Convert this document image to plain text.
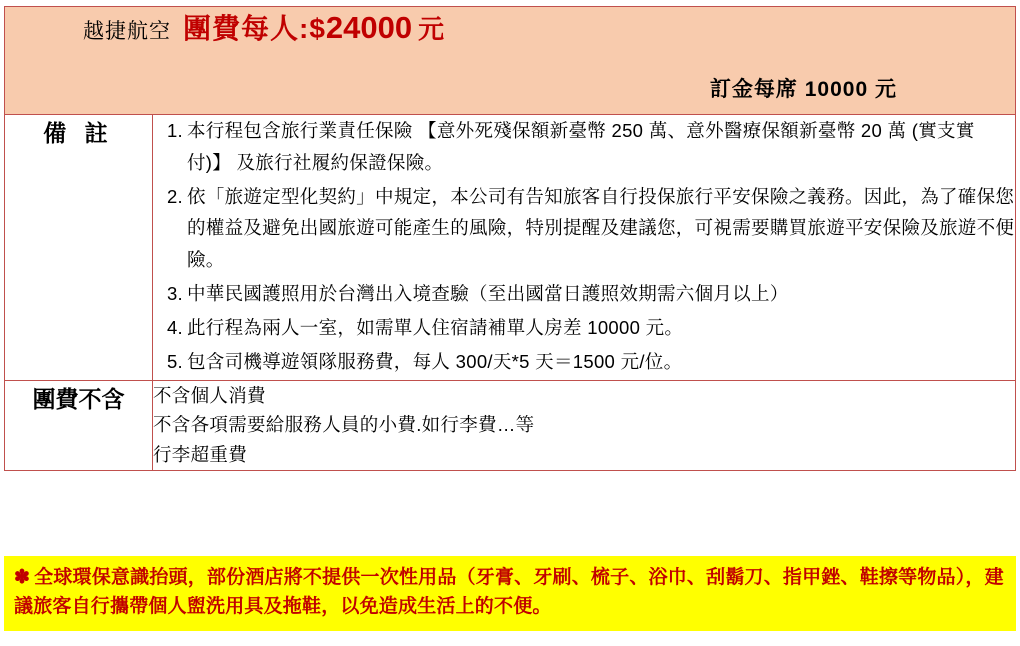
越捷航空 團費每人:$ 24000 元
訂金每席 10000 元	

備 註	本行程包含旅行業責任保險 【意外死殘保額新臺幣 250 萬、意外醫療保額新臺幣 20 萬 (實支實付)】 及旅行社履約保證保險。
依「旅遊定型化契約」中規定，本公司有告知旅客自行投保旅行平安保險之義務。因此，為了確保您的權益及避免出國旅遊可能產生的風險，特別提醒及建議您，可視需要購買旅遊平安保險及旅遊不便險。
中華民國護照用於台灣出入境查驗（至出國當日護照效期需六個月以上）
此行程為兩人一室，如需單人住宿請補單人房差 10000 元。
包含司機導遊領隊服務費，每人 300/天*5 天＝1500 元/位。

團費不含	不含個人消費
不含各項需要給服務人員的小費.如行李費…等
行李超重費
✽ 全球環保意識抬頭，部份酒店將不提供一次性用品（牙膏、牙刷、梳子、浴巾、刮鬍刀、指甲銼、鞋擦等物品），建議旅客自行攜帶個人盥洗用具及拖鞋，以免造成生活上的不便。
